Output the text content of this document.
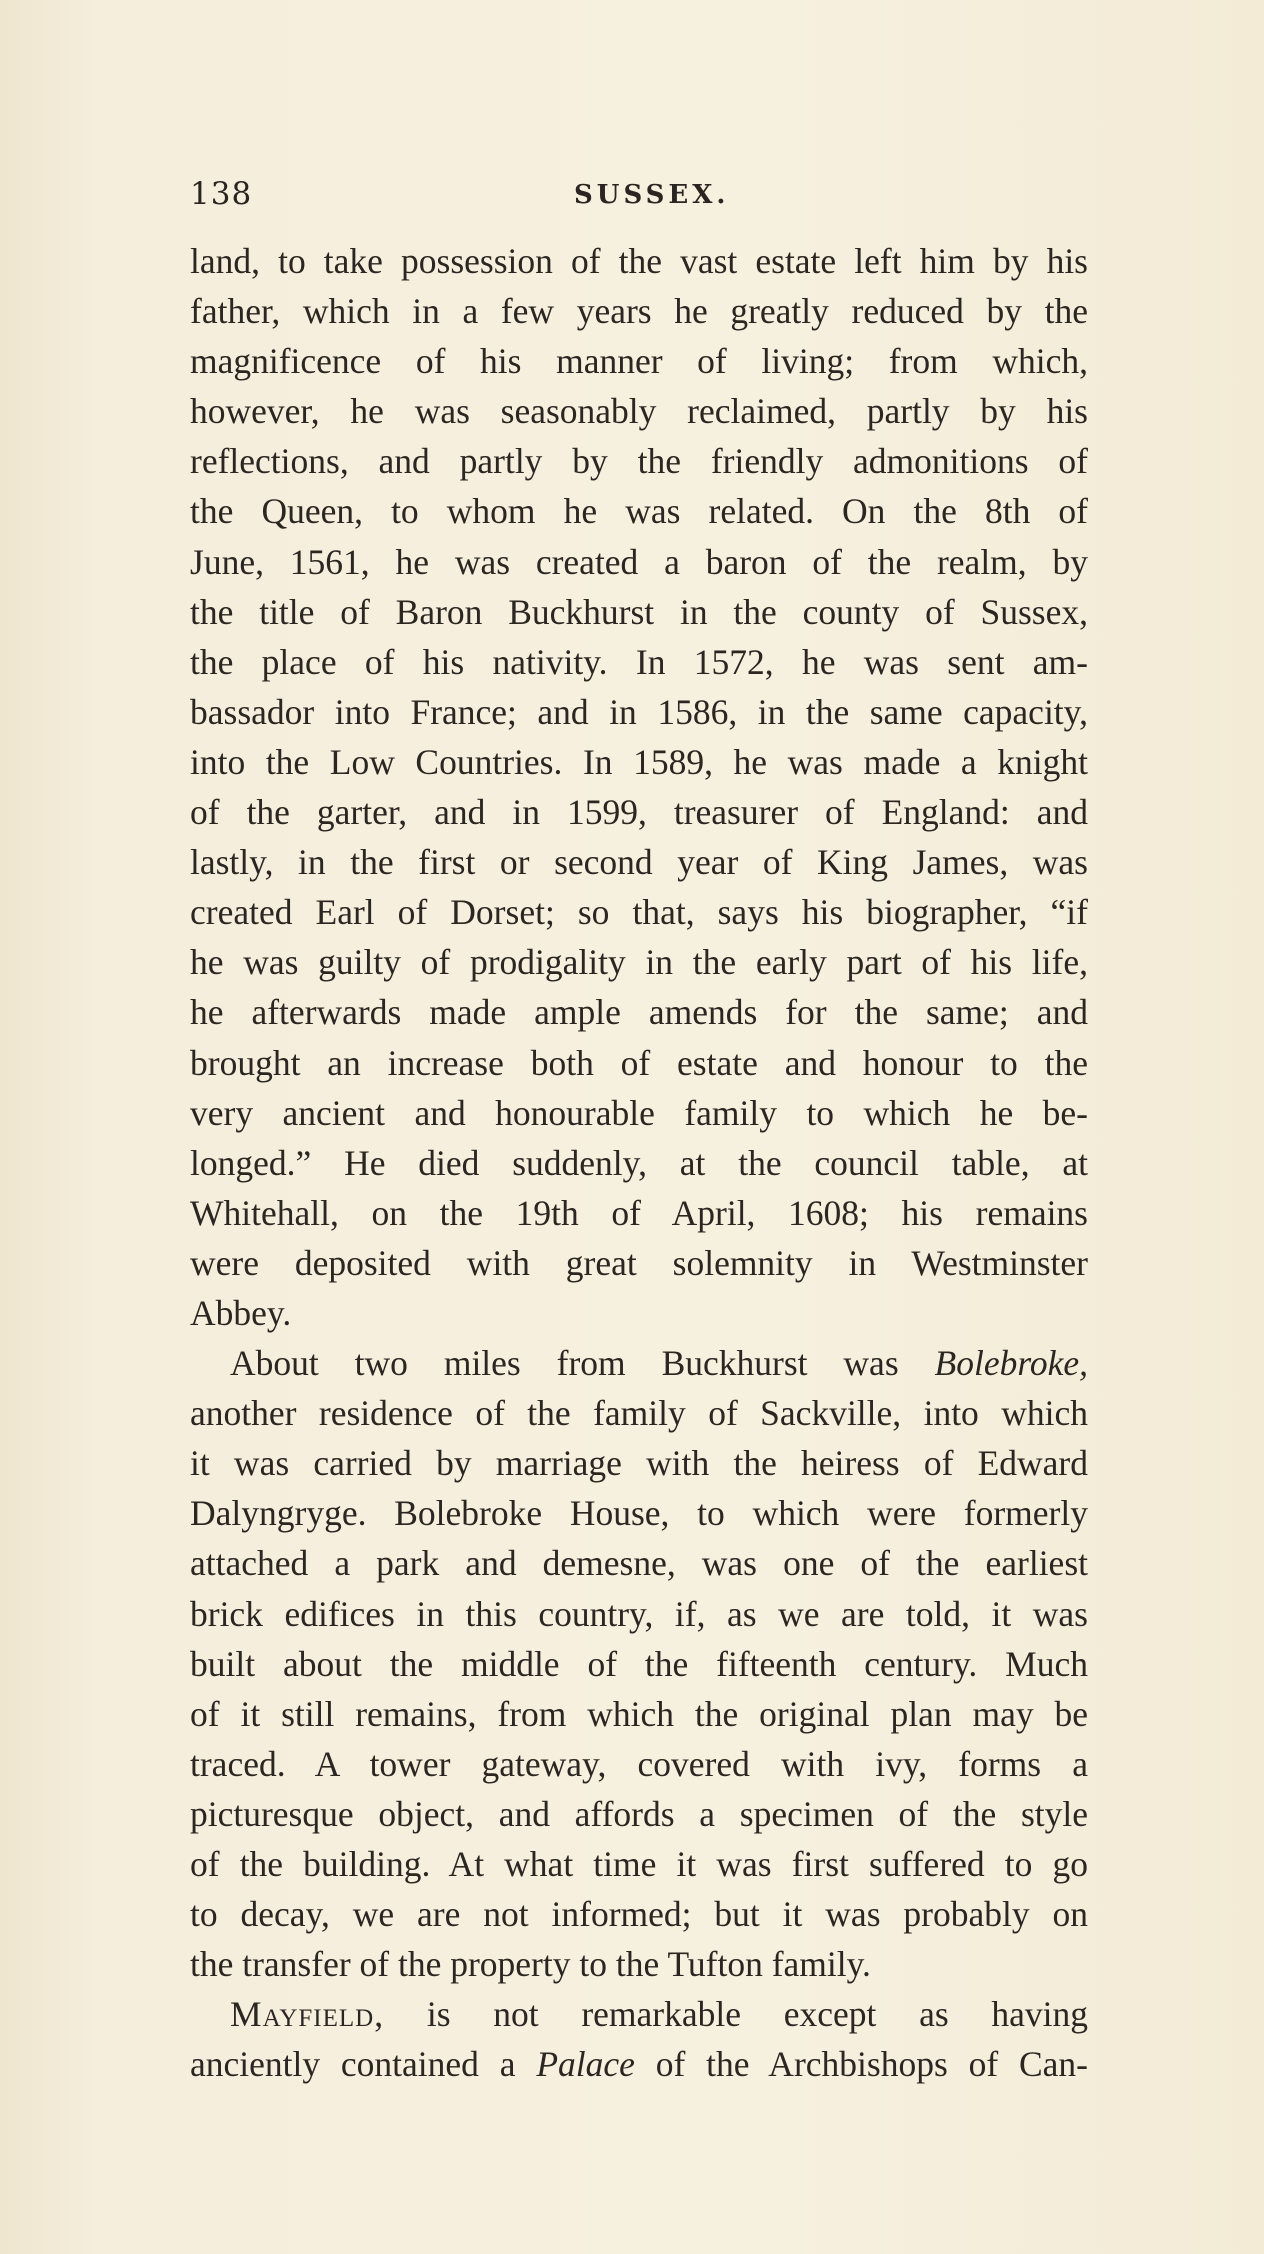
138	SUSSEX.
land, to take possession of the vast estate left him by his
father, which in a few years he greatly reduced by the
magnificence of his manner of living; from which,
however, he was seasonably reclaimed, partly by his
reflections, and partly by the friendly admonitions of
the Queen, to whom he was related. On the 8th of
June, 1561, he was created a baron of the realm, by
the title of Baron Buckhurst in the county of Sussex,
the place of his nativity. In 1572, he was sent am-
bassador into France; and in 1586, in the same capacity,
into the Low Countries. In 1589, he was made a knight
of the garter, and in 1599, treasurer of England: and
lastly, in the first or second year of King James, was
created Earl of Dorset; so that, says his biographer, “if
he was guilty of prodigality in the early part of his life,
he afterwards made ample amends for the same; and
brought an increase both of estate and honour to the
very ancient and honourable family to which he be-
longed.” He died suddenly, at the council table, at
Whitehall, on the 19th of April, 1608; his remains
were deposited with great solemnity in Westminster
Abbey.
About two miles from Buckhurst was Bolebroke,
another residence of the family of Sackville, into which
it was carried by marriage with the heiress of Edward
Dalyngryge. Bolebroke House, to which were formerly
attached a park and demesne, was one of the earliest
brick edifices in this country, if, as we are told, it was
built about the middle of the fifteenth century. Much
of it still remains, from which the original plan may be
traced. A tower gateway, covered with ivy, forms a
picturesque object, and affords a specimen of the style
of the building. At what time it was first suffered to go
to decay, we are not informed; but it was probably on
the transfer of the property to the Tufton family.
Mayfield, is not remarkable except as having
anciently contained a Palace of the Archbishops of Can-
